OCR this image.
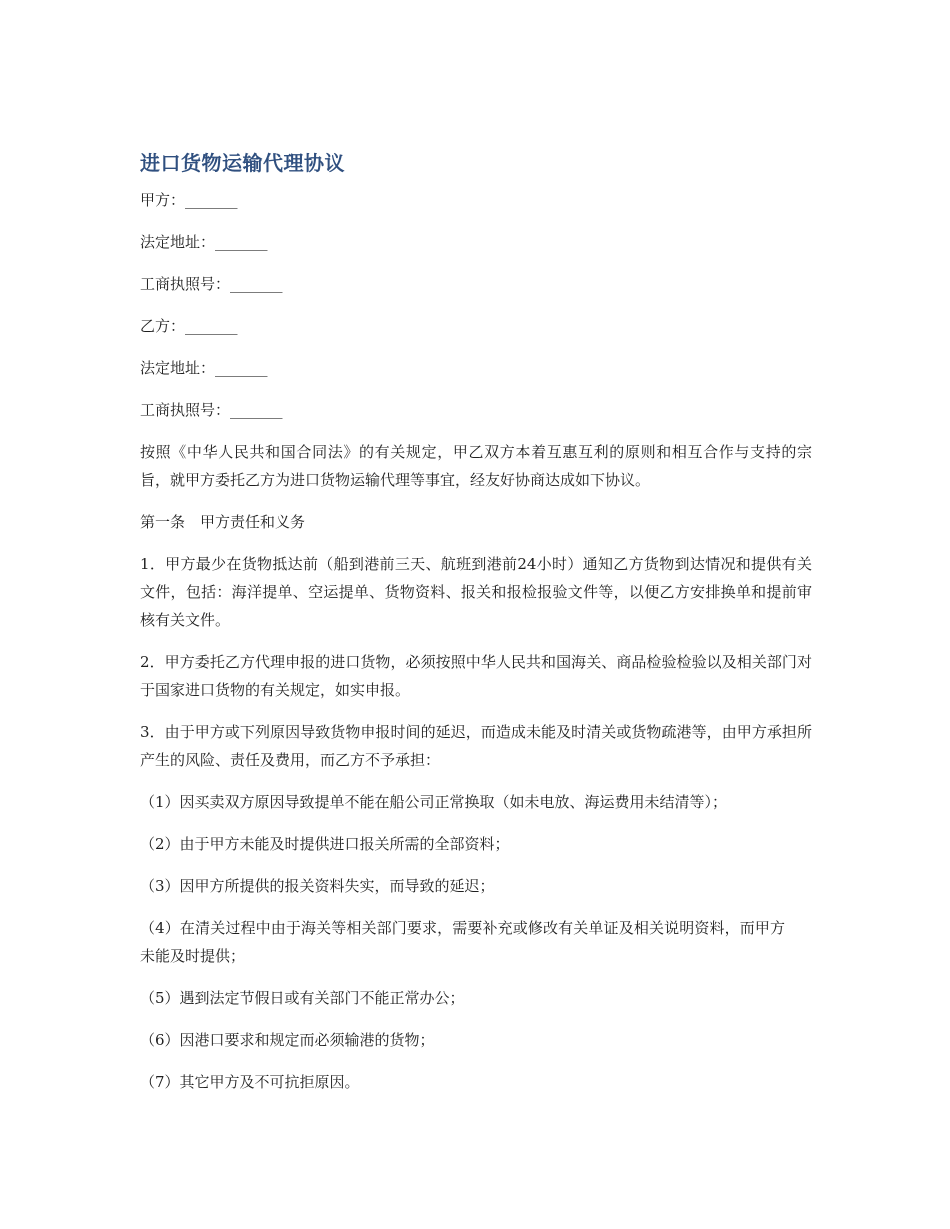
进口货物运输代理协议

甲方：_______

法定地址：_______

工商执照号：_______

乙方：_______

法定地址：_______

工商执照号：_______

按照《中华人民共和国合同法》的有关规定，甲乙双方本着互惠互利的原则和相互合作与支持的宗旨，就甲方委托乙方为进口货物运输代理等事宜，经友好协商达成如下协议。

第一条　甲方责任和义务

1．甲方最少在货物抵达前（船到港前三天、航班到港前24小时）通知乙方货物到达情况和提供有关文件，包括：海洋提单、空运提单、货物资料、报关和报检报验文件等，以便乙方安排换单和提前审核有关文件。

2．甲方委托乙方代理申报的进口货物，必须按照中华人民共和国海关、商品检验检验以及相关部门对于国家进口货物的有关规定，如实申报。

3．由于甲方或下列原因导致货物申报时间的延迟，而造成未能及时清关或货物疏港等，由甲方承担所产生的风险、责任及费用，而乙方不予承担：

（1）因买卖双方原因导致提单不能在船公司正常换取（如未电放、海运费用未结清等）；

（2）由于甲方未能及时提供进口报关所需的全部资料；

（3）因甲方所提供的报关资料失实，而导致的延迟；

（4）在清关过程中由于海关等相关部门要求，需要补充或修改有关单证及相关说明资料，而甲方未能及时提供；

（5）遇到法定节假日或有关部门不能正常办公；

（6）因港口要求和规定而必须输港的货物；

（7）其它甲方及不可抗拒原因。
